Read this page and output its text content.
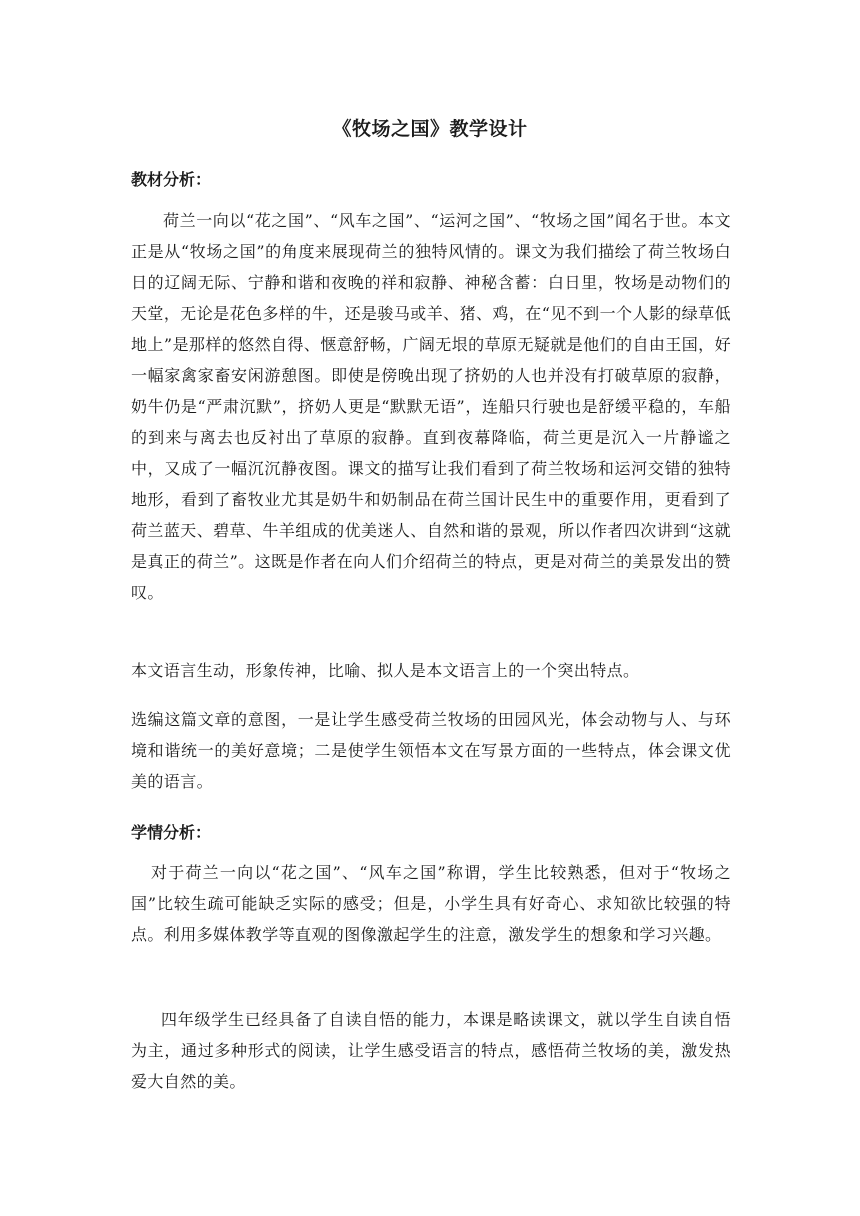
《牧场之国》教学设计
教材分析：
荷兰一向以“花之国”、“风车之国”、“运河之国”、“牧场之国”闻名于世。本文正是从“牧场之国”的角度来展现荷兰的独特风情的。课文为我们描绘了荷兰牧场白日的辽阔无际、宁静和谐和夜晚的祥和寂静、神秘含蓄：白日里，牧场是动物们的天堂，无论是花色多样的牛，还是骏马或羊、猪、鸡，在“见不到一个人影的绿草低地上”是那样的悠然自得、惬意舒畅，广阔无垠的草原无疑就是他们的自由王国，好一幅家禽家畜安闲游憩图。即使是傍晚出现了挤奶的人也并没有打破草原的寂静，奶牛仍是“严肃沉默”，挤奶人更是“默默无语”，连船只行驶也是舒缓平稳的，车船的到来与离去也反衬出了草原的寂静。直到夜幕降临，荷兰更是沉入一片静谧之中，又成了一幅沉沉静夜图。课文的描写让我们看到了荷兰牧场和运河交错的独特地形，看到了畜牧业尤其是奶牛和奶制品在荷兰国计民生中的重要作用，更看到了荷兰蓝天、碧草、牛羊组成的优美迷人、自然和谐的景观，所以作者四次讲到“这就是真正的荷兰”。这既是作者在向人们介绍荷兰的特点，更是对荷兰的美景发出的赞叹。
本文语言生动，形象传神，比喻、拟人是本文语言上的一个突出特点。
选编这篇文章的意图，一是让学生感受荷兰牧场的田园风光，体会动物与人、与环境和谐统一的美好意境；二是使学生领悟本文在写景方面的一些特点，体会课文优美的语言。
学情分析：
对于荷兰一向以“花之国”、“风车之国”称谓，学生比较熟悉，但对于“牧场之国”比较生疏可能缺乏实际的感受；但是，小学生具有好奇心、求知欲比较强的特点。利用多媒体教学等直观的图像激起学生的注意，激发学生的想象和学习兴趣。
四年级学生已经具备了自读自悟的能力，本课是略读课文，就以学生自读自悟为主，通过多种形式的阅读，让学生感受语言的特点，感悟荷兰牧场的美，激发热爱大自然的美。
